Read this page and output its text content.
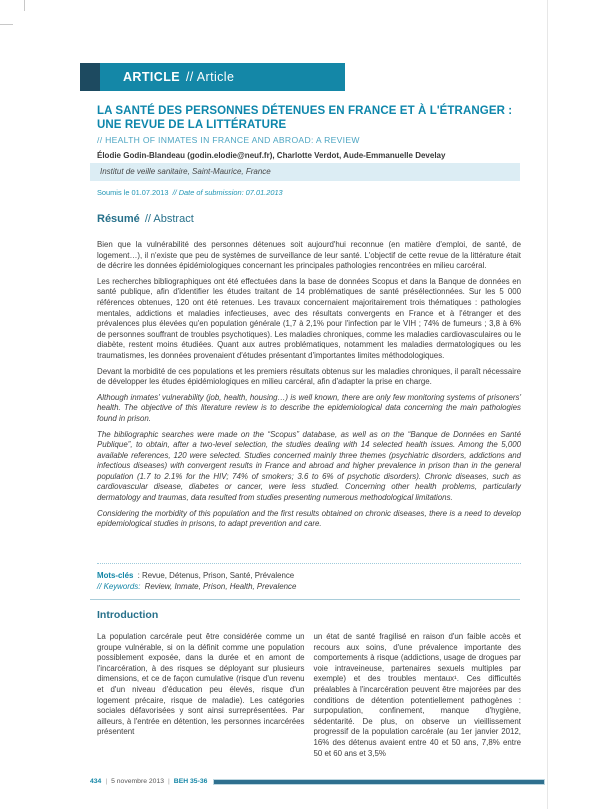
ARTICLE // Article
LA SANTÉ DES PERSONNES DÉTENUES EN FRANCE ET À L'ÉTRANGER : UNE REVUE DE LA LITTÉRATURE
// HEALTH OF INMATES IN FRANCE AND ABROAD: A REVIEW

Élodie Godin-Blandeau (godin.elodie@neuf.fr), Charlotte Verdot, Aude-Emmanuelle Develay

Institut de veille sanitaire, Saint-Maurice, France

Soumis le 01.07.2013 // Date of submission: 07.01.2013

Résumé // Abstract

Bien que la vulnérabilité des personnes détenues soit aujourd'hui reconnue (en matière d'emploi, de santé, de logement…), il n'existe que peu de systèmes de surveillance de leur santé. L'objectif de cette revue de la littérature était de décrire les données épidémiologiques concernant les principales pathologies rencontrées en milieu carcéral.

Les recherches bibliographiques ont été effectuées dans la base de données Scopus et dans la Banque de données en santé publique, afin d'identifier les études traitant de 14 problématiques de santé présélectionnées. Sur les 5 000 références obtenues, 120 ont été retenues. Les travaux concernaient majoritairement trois thématiques : pathologies mentales, addictions et maladies infectieuses, avec des résultats convergents en France et à l'étranger et des prévalences plus élevées qu'en population générale (1,7 à 2,1% pour l'infection par le VIH ; 74% de fumeurs ; 3,8 à 6% de personnes souffrant de troubles psychotiques). Les maladies chroniques, comme les maladies cardiovasculaires ou le diabète, restent moins étudiées. Quant aux autres problématiques, notamment les maladies dermatologiques ou les traumatismes, les données provenaient d'études présentant d'importantes limites méthodologiques.

Devant la morbidité de ces populations et les premiers résultats obtenus sur les maladies chroniques, il paraît nécessaire de développer les études épidémiologiques en milieu carcéral, afin d'adapter la prise en charge.

Although inmates' vulnerability (job, health, housing…) is well known, there are only few monitoring systems of prisoners' health. The objective of this literature review is to describe the epidemiological data concerning the main pathologies found in prison.

The bibliographic searches were made on the “Scopus” database, as well as on the “Banque de Données en Santé Publique”, to obtain, after a two-level selection, the studies dealing with 14 selected health issues. Among the 5,000 available references, 120 were selected. Studies concerned mainly three themes (psychiatric disorders, addictions and infectious diseases) with convergent results in France and abroad and higher prevalence in prison than in the general population (1.7 to 2.1% for the HIV; 74% of smokers; 3.6 to 6% of psychotic disorders). Chronic diseases, such as cardiovascular disease, diabetes or cancer, were less studied. Concerning other health problems, particularly dermatology and traumas, data resulted from studies presenting numerous methodological limitations.

Considering the morbidity of this population and the first results obtained on chronic diseases, there is a need to develop epidemiological studies in prisons, to adapt prevention and care.

Mots-clés : Revue, Détenus, Prison, Santé, Prévalence

// Keywords: Review, Inmate, Prison, Health, Prevalence

Introduction

La population carcérale peut être considérée comme un groupe vulnérable, si on la définit comme une population possiblement exposée, dans la durée et en amont de l'incarcération, à des risques se déployant sur plusieurs dimensions, et ce de façon cumulative (risque d'un revenu et d'un niveau d'éducation peu élevés, risque d'un logement précaire, risque de maladie). Les catégories sociales défavorisées y sont ainsi surreprésentées. Par ailleurs, à l'entrée en détention, les personnes incarcérées présentent

un état de santé fragilisé en raison d'un faible accès et recours aux soins, d'une prévalence importante des comportements à risque (addictions, usage de drogues par voie intraveineuse, partenaires sexuels multiples par exemple) et des troubles mentaux¹. Ces difficultés préalables à l'incarcération peuvent être majorées par des conditions de détention potentiellement pathogènes : surpopulation, confinement, manque d'hygiène, sédentarité. De plus, on observe un vieillissement progressif de la population carcérale (au 1er janvier 2012, 16% des détenus avaient entre 40 et 50 ans, 7,8% entre 50 et 60 ans et 3,5%

434 | 5 novembre 2013 | BEH 35-36
